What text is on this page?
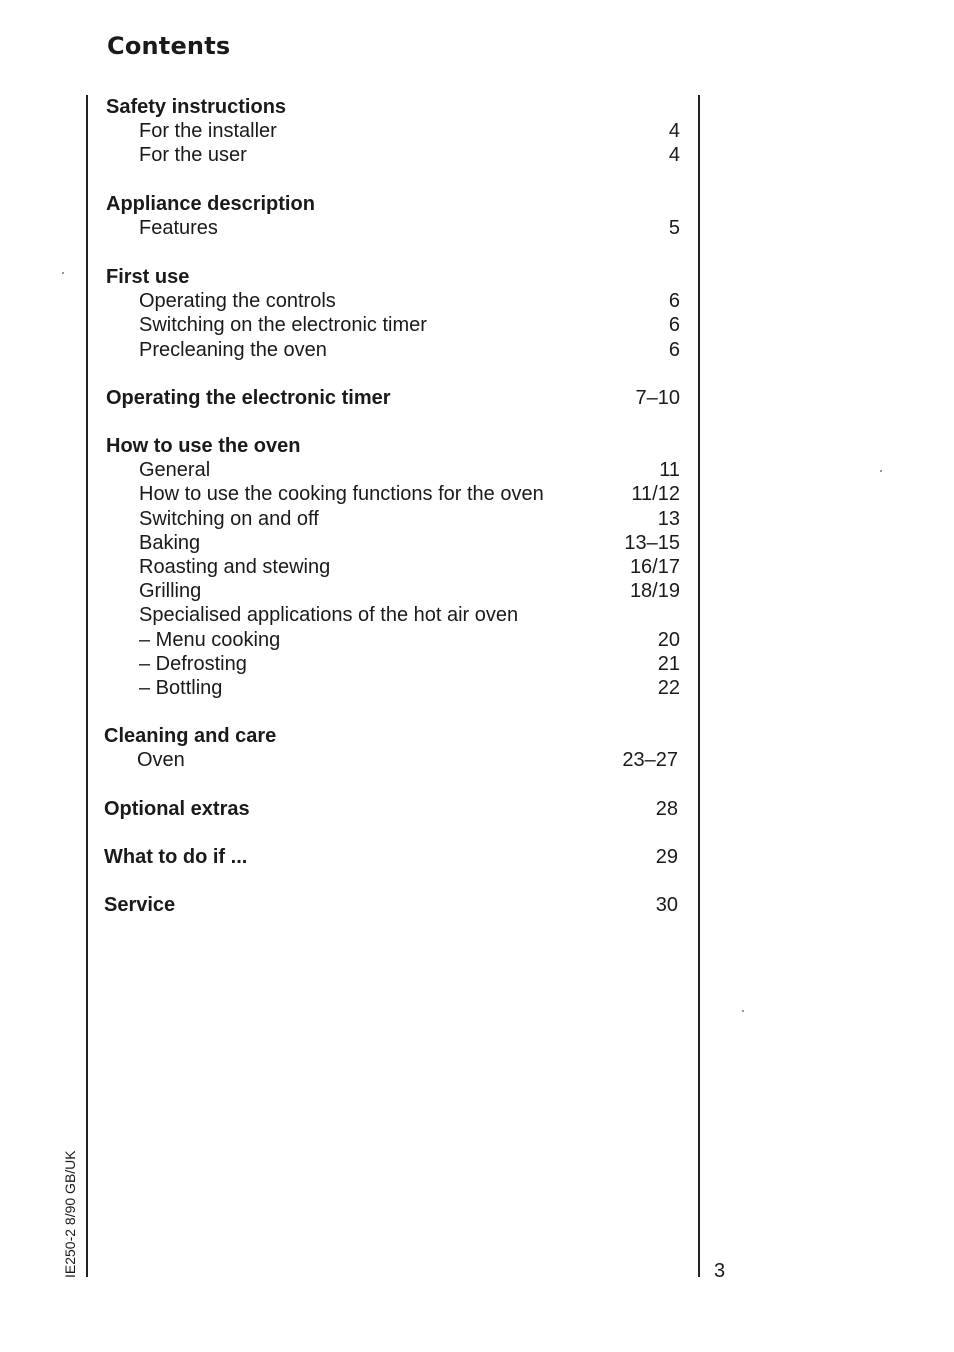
Contents
Safety instructions
For the installer	4
For the user	4
Appliance description
Features	5
First use
Operating the controls	6
Switching on the electronic timer	6
Precleaning the oven	6
Operating the electronic timer	7–10
How to use the oven
General	11
How to use the cooking functions for the oven	11/12
Switching on and off	13
Baking	13–15
Roasting and stewing	16/17
Grilling	18/19
Specialised applications of the hot air oven
– Menu cooking	20
– Defrosting	21
– Bottling	22
Cleaning and care
Oven	23–27
Optional extras	28
What to do if ...	29
Service	30
3
IE250-2 8/90 GB/UK
